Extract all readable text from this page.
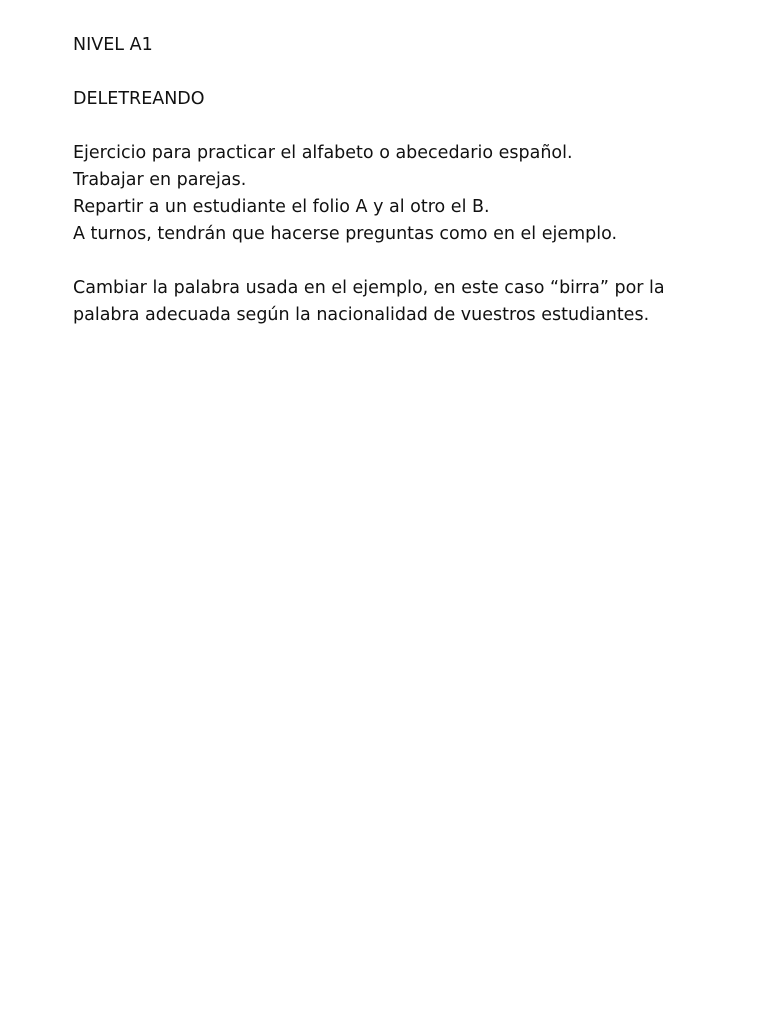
NIVEL A1
DELETREANDO
Ejercicio para practicar el alfabeto o abecedario español.
Trabajar en parejas.
Repartir a un estudiante el folio A y al otro el B.
A turnos, tendrán que hacerse preguntas como en el ejemplo.
Cambiar la palabra usada en el ejemplo, en este caso “birra” por la
palabra adecuada según la nacionalidad de vuestros estudiantes.
